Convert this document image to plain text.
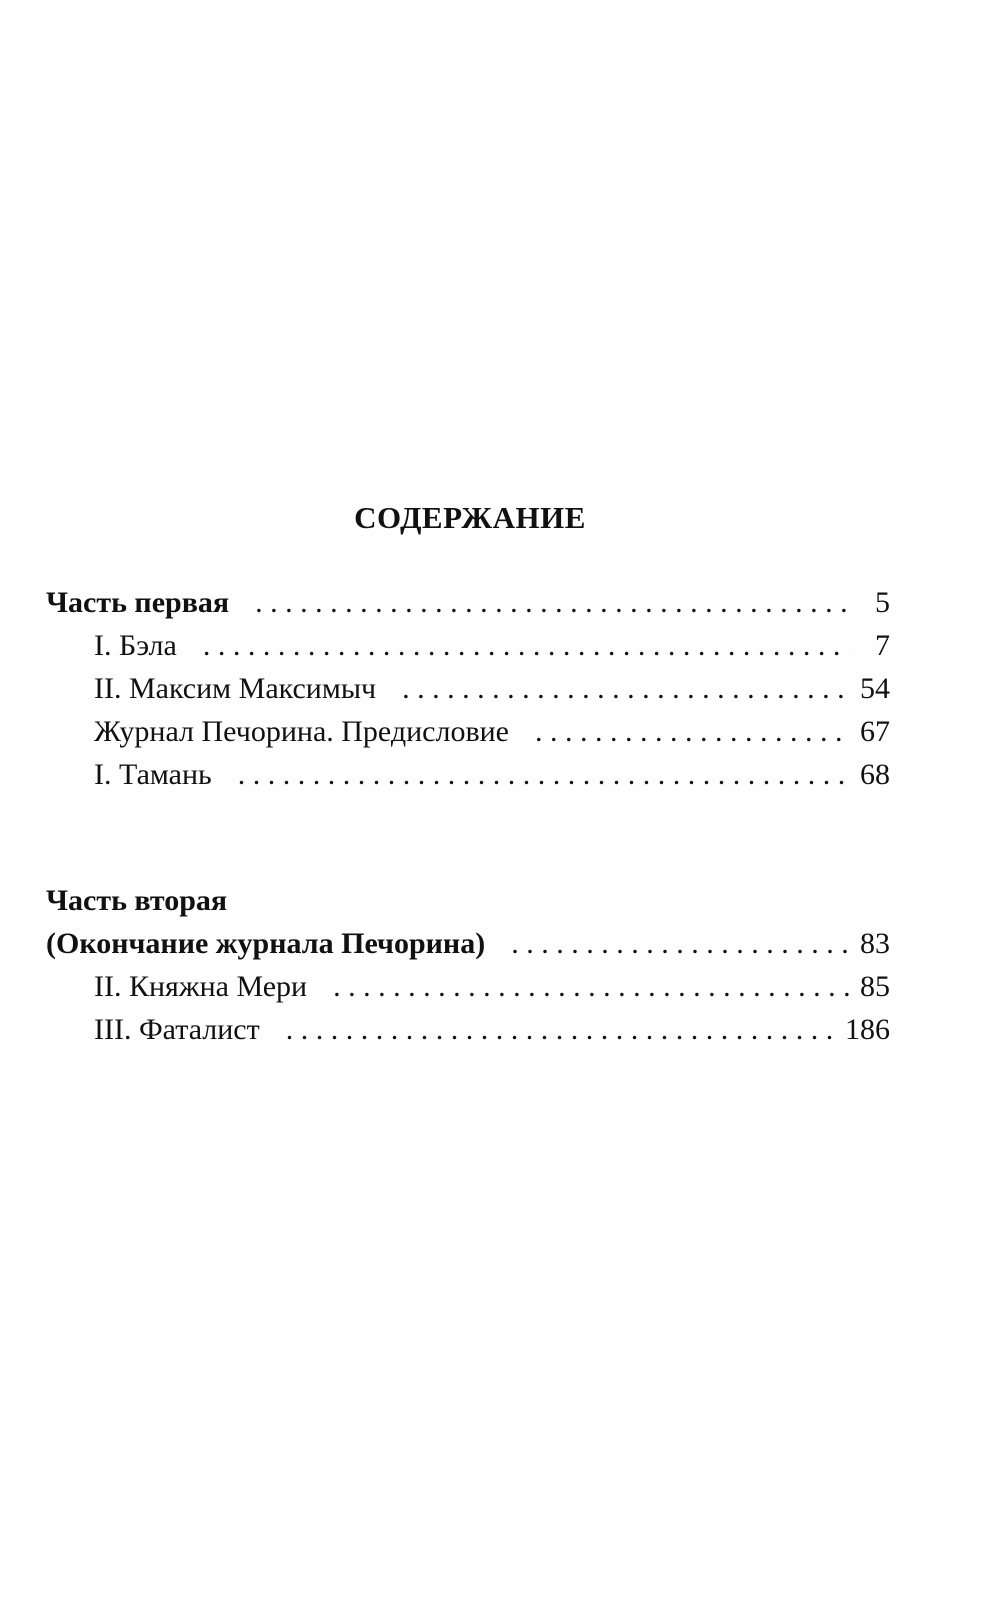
СОДЕРЖАНИЕ
Часть первая . . .	5
I. Бэла . . .	7
II. Максим Максимыч . . .	54
Журнал Печорина. Предисловие . . .	67
I. Тамань . . .	68
Часть вторая
(Окончание журнала Печорина) . . .	83
II. Княжна Мери . . .	85
III. Фаталист . . .	186
